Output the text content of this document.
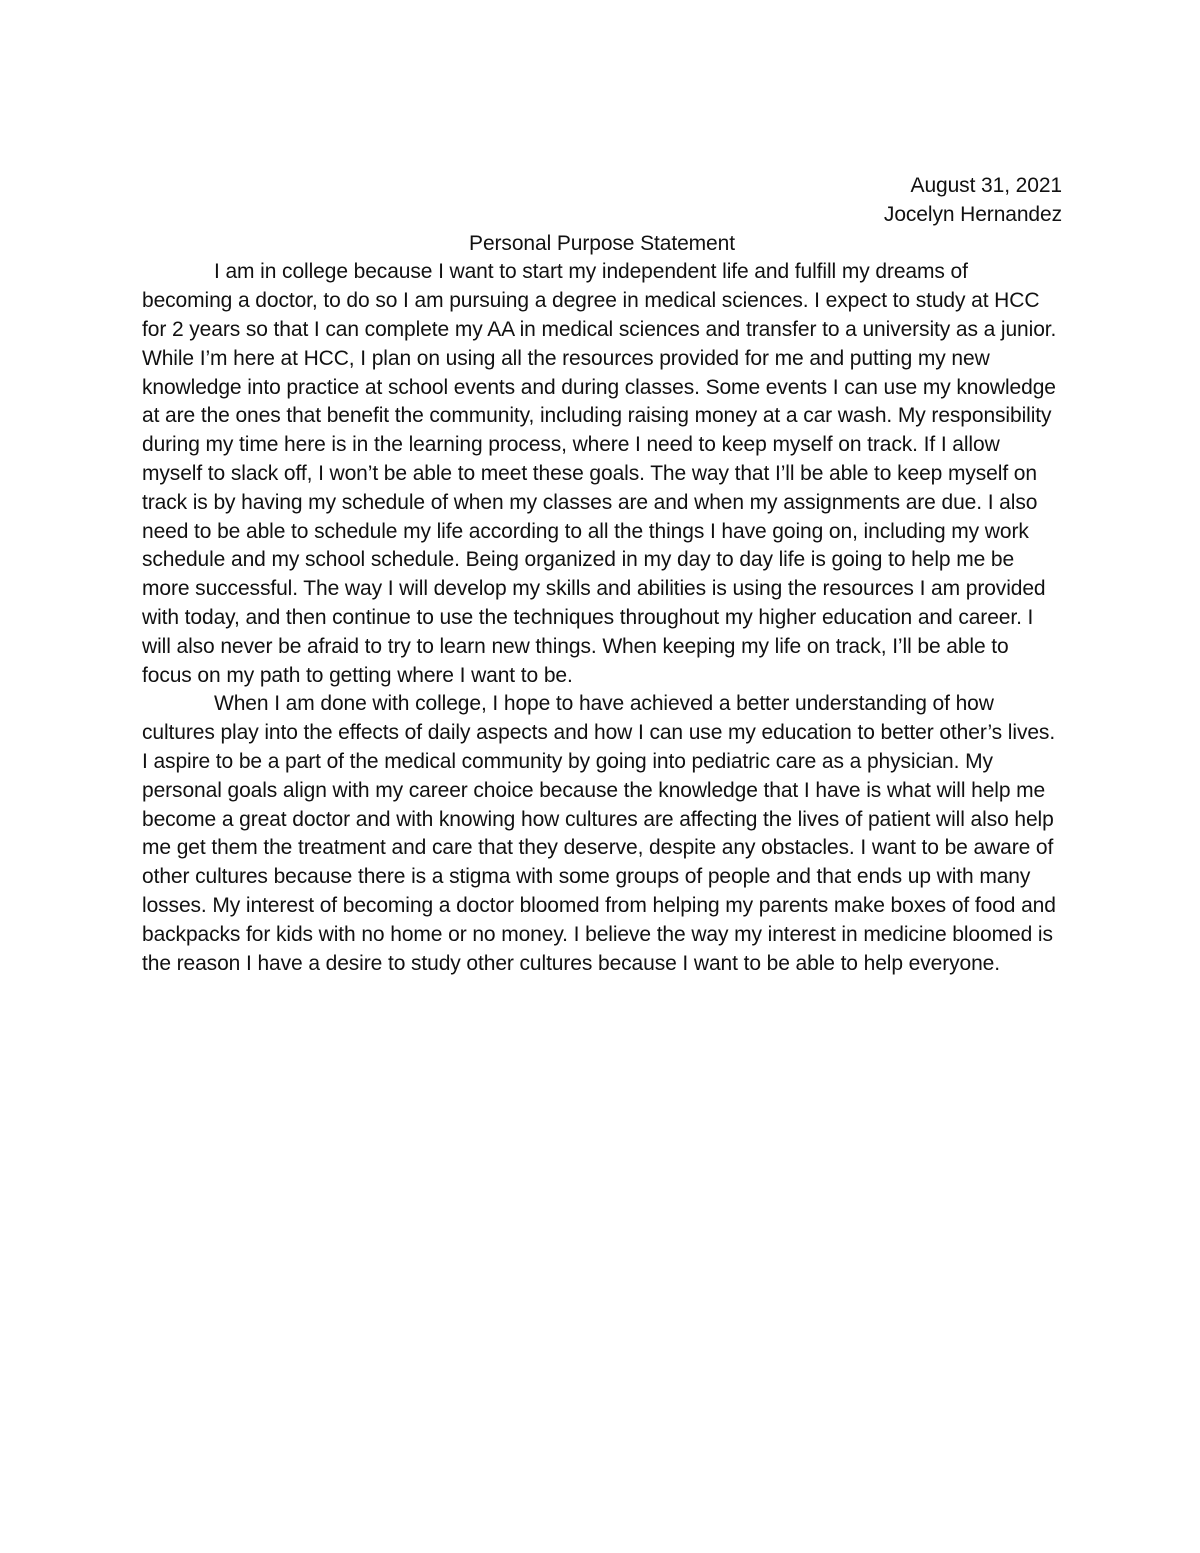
August 31, 2021

Jocelyn Hernandez

Personal Purpose Statement

I am in college because I want to start my independent life and fulfill my dreams of becoming a doctor, to do so I am pursuing a degree in medical sciences. I expect to study at HCC for 2 years so that I can complete my AA in medical sciences and transfer to a university as a junior. While I’m here at HCC, I plan on using all the resources provided for me and putting my new knowledge into practice at school events and during classes. Some events I can use my knowledge at are the ones that benefit the community, including raising money at a car wash. My responsibility during my time here is in the learning process, where I need to keep myself on track. If I allow myself to slack off, I won’t be able to meet these goals. The way that I’ll be able to keep myself on track is by having my schedule of when my classes are and when my assignments are due. I also need to be able to schedule my life according to all the things I have going on, including my work schedule and my school schedule. Being organized in my day to day life is going to help me be more successful. The way I will develop my skills and abilities is using the resources I am provided with today, and then continue to use the techniques throughout my higher education and career. I will also never be afraid to try to learn new things. When keeping my life on track, I’ll be able to focus on my path to getting where I want to be.

When I am done with college, I hope to have achieved a better understanding of how cultures play into the effects of daily aspects and how I can use my education to better other’s lives. I aspire to be a part of the medical community by going into pediatric care as a physician. My personal goals align with my career choice because the knowledge that I have is what will help me become a great doctor and with knowing how cultures are affecting the lives of patient will also help me get them the treatment and care that they deserve, despite any obstacles. I want to be aware of other cultures because there is a stigma with some groups of people and that ends up with many losses. My interest of becoming a doctor bloomed from helping my parents make boxes of food and backpacks for kids with no home or no money. I believe the way my interest in medicine bloomed is the reason I have a desire to study other cultures because I want to be able to help everyone.
